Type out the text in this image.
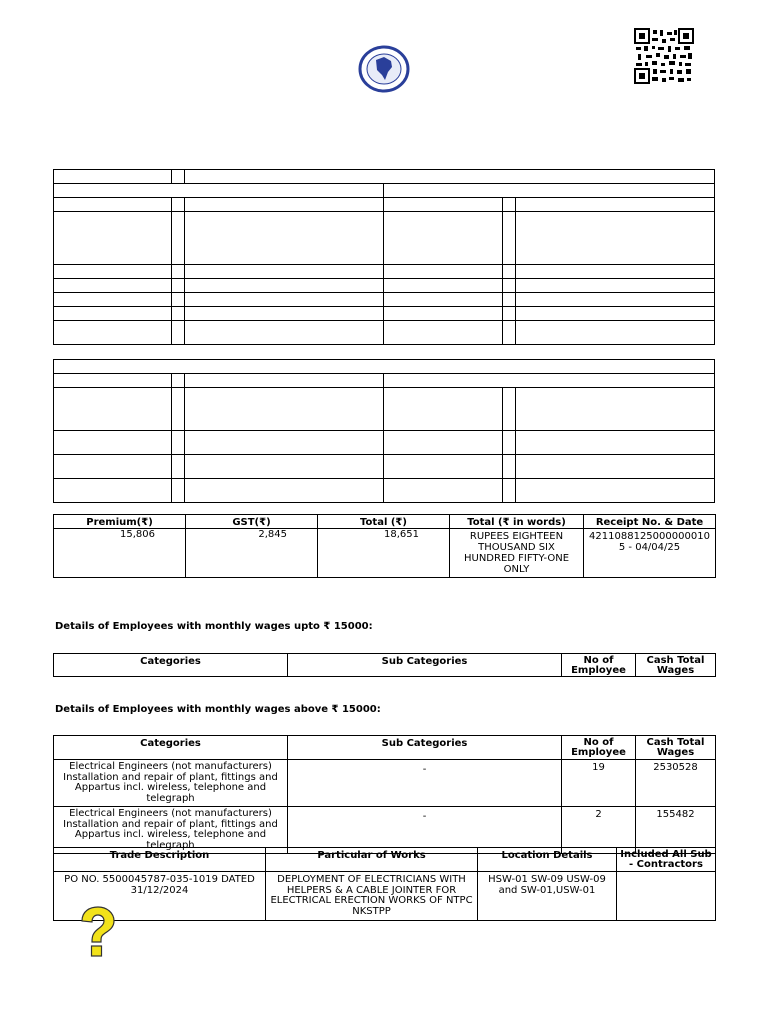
Premium(₹)	GST(₹)	Total (₹)	Total (₹ in words)	Receipt No. & Date
15,806	2,845	18,651	RUPEES EIGHTEEN THOUSAND SIX HUNDRED FIFTY-ONE ONLY	4211088125000000010 5 - 04/04/25
Details of Employees with monthly wages upto ₹ 15000:
Categories	Sub Categories	No of Employee	Cash Total Wages
Details of Employees with monthly wages above ₹ 15000:
Categories	Sub Categories	No of Employee	Cash Total Wages
Electrical Engineers (not manufacturers) Installation and repair of plant, fittings and Appartus incl. wireless, telephone and telegraph	-	19	2530528
Electrical Engineers (not manufacturers) Installation and repair of plant, fittings and Appartus incl. wireless, telephone and telegraph	-	2	155482
Trade Description	Particular of Works	Location Details	Included All Sub - Contractors
PO NO. 5500045787-035-1019 DATED 31/12/2024	DEPLOYMENT OF ELECTRICIANS WITH HELPERS & A CABLE JOINTER FOR ELECTRICAL ERECTION WORKS OF NTPC NKSTPP	HSW-01 SW-09 USW-09 and SW-01,USW-01	
